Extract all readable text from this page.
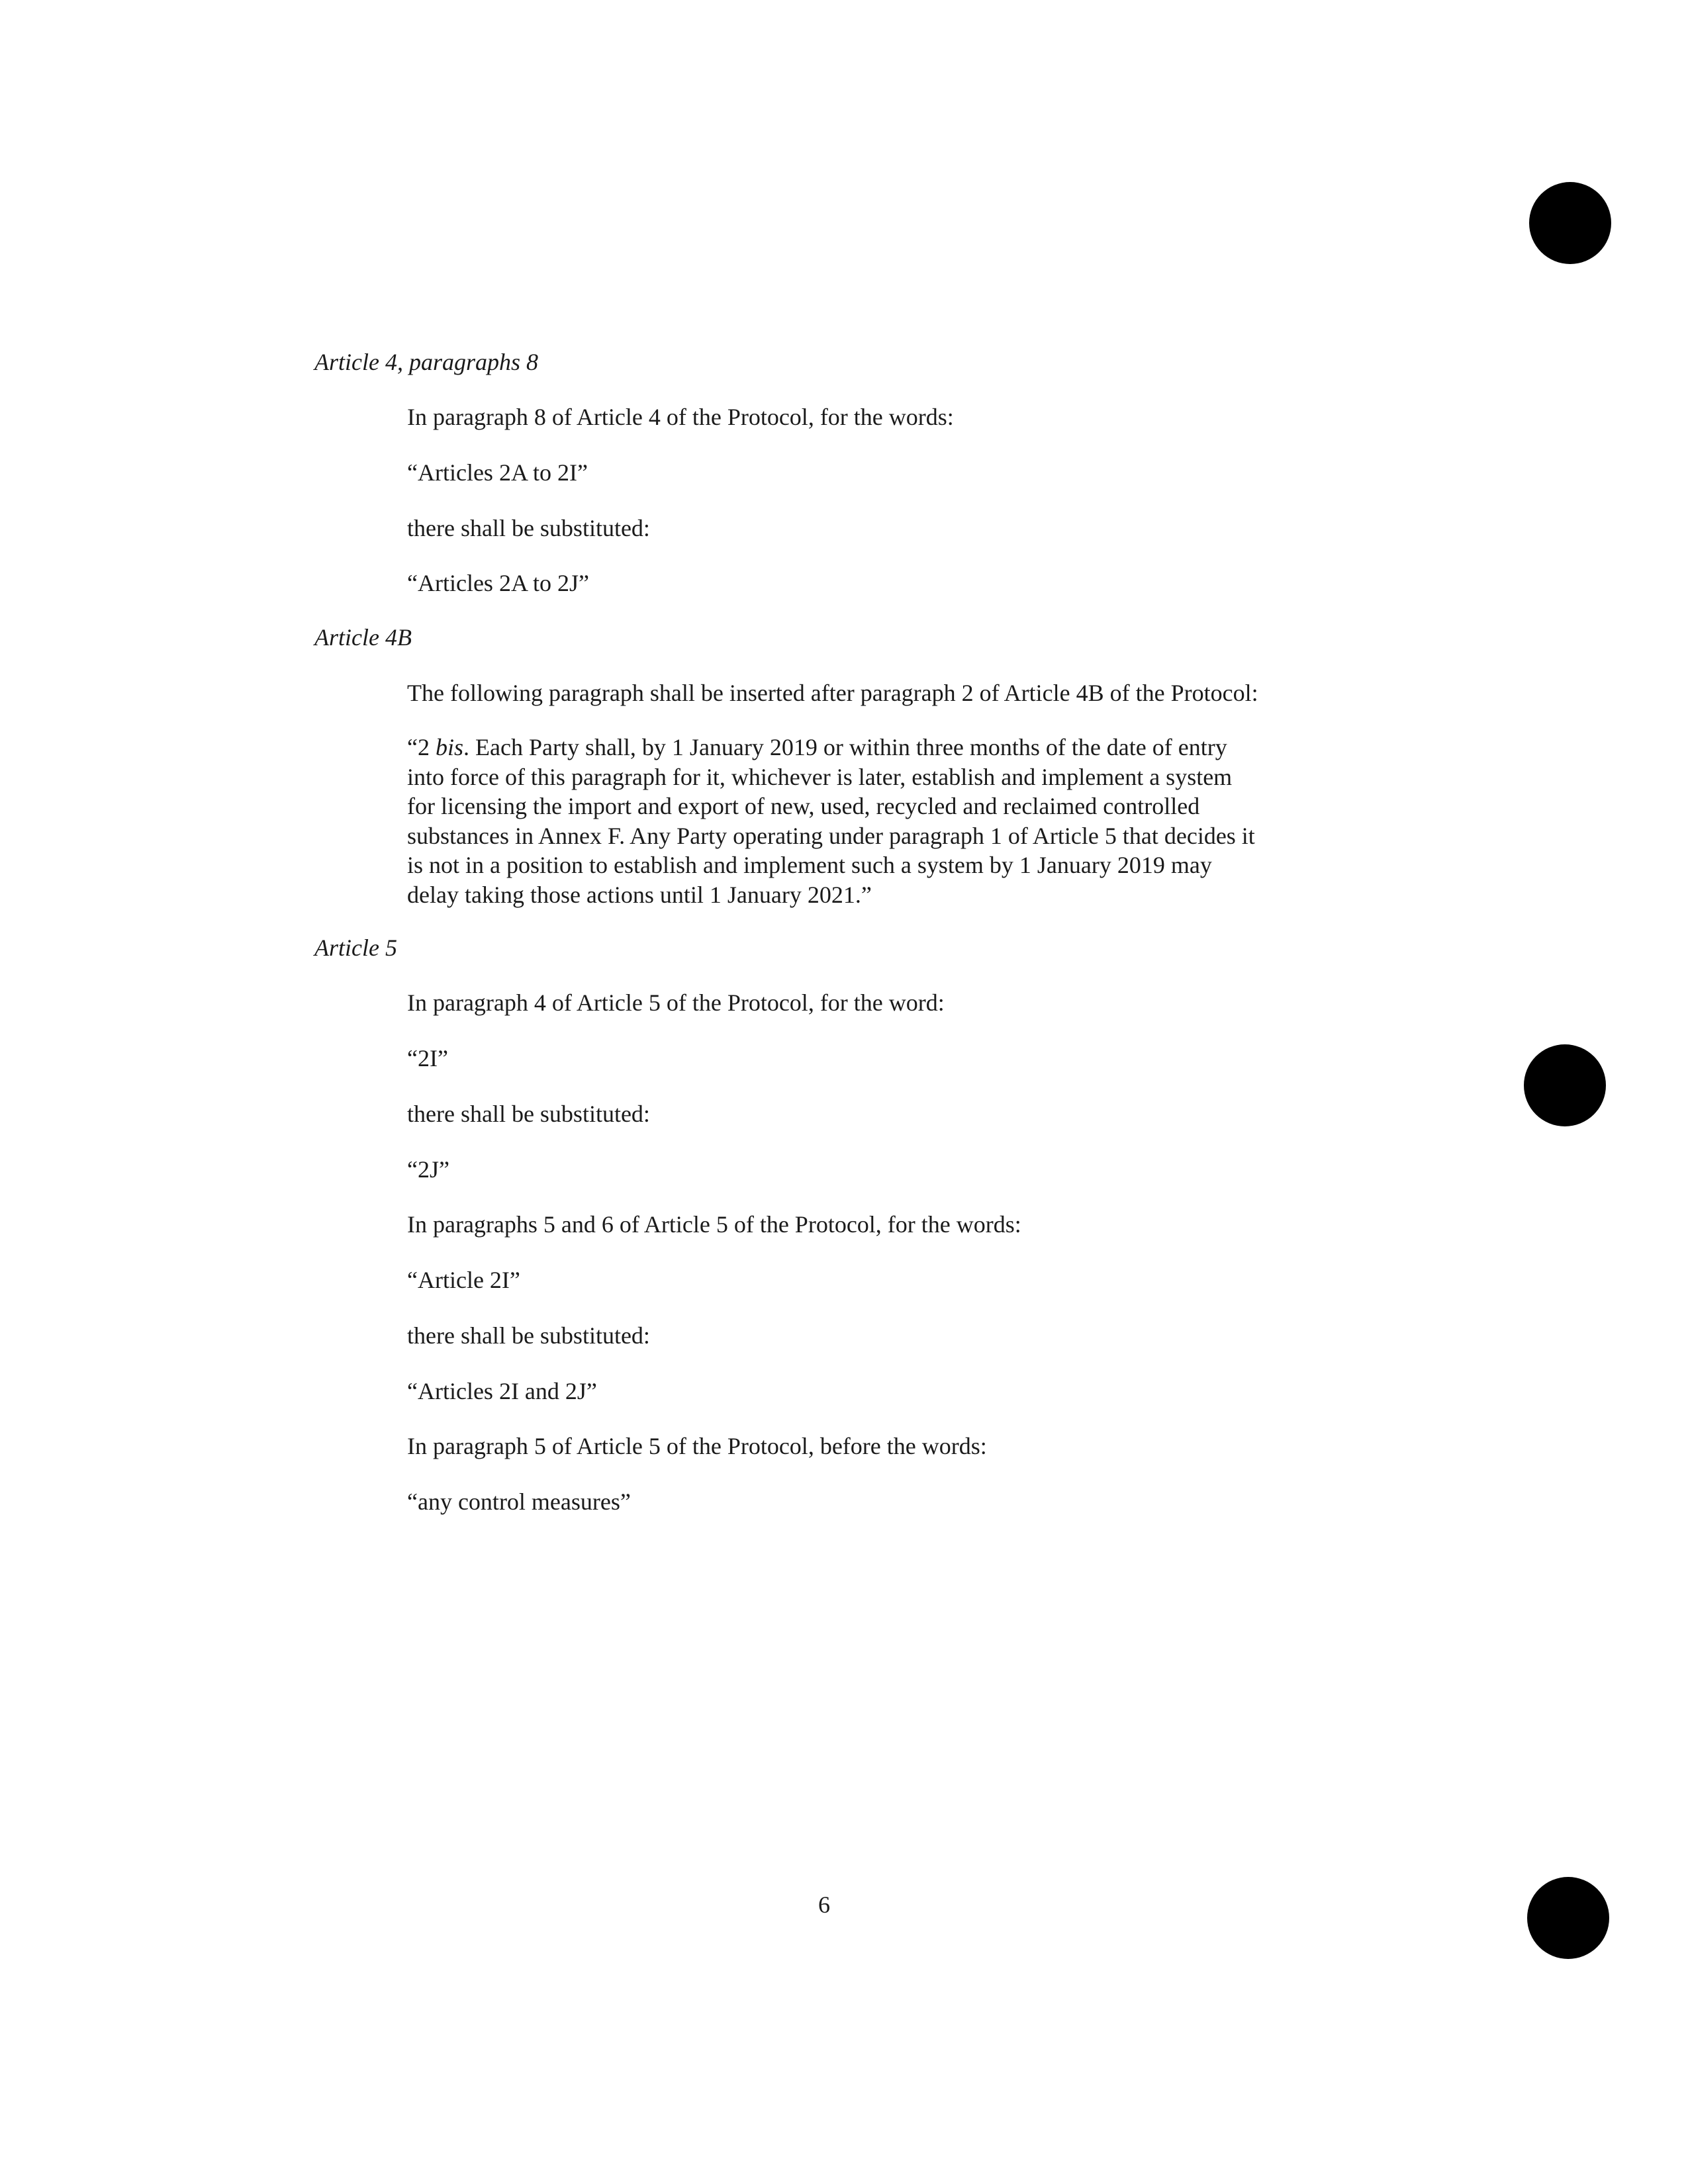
Article 4, paragraphs 8
In paragraph 8 of Article 4 of the Protocol, for the words:
“Articles 2A to 2I”
there shall be substituted:
“Articles 2A to 2J”
Article 4B
The following paragraph shall be inserted after paragraph 2 of Article 4B of the Protocol:

“2 bis. Each Party shall, by 1 January 2019 or within three months of the date of entry

into force of this paragraph for it, whichever is later, establish and implement a system

for licensing the import and export of new, used, recycled and reclaimed controlled

substances in Annex F. Any Party operating under paragraph 1 of Article 5 that decides it

is not in a position to establish and implement such a system by 1 January 2019 may

delay taking those actions until 1 January 2021.”

Article 5
In paragraph 4 of Article 5 of the Protocol, for the word:
“2I”
there shall be substituted:
“2J”
In paragraphs 5 and 6 of Article 5 of the Protocol, for the words:
“Article 2I”
there shall be substituted:
“Articles 2I and 2J”
In paragraph 5 of Article 5 of the Protocol, before the words:
“any control measures”
6
